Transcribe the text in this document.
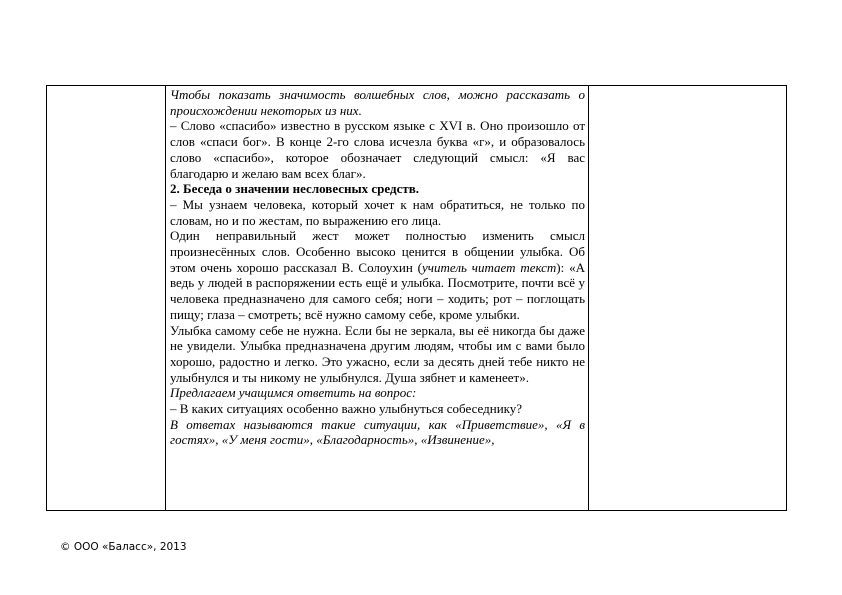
Чтобы показать значимость волшебных слов, можно рассказать о происхождении некоторых из них.

– Слово «спасибо» известно в русском языке с XVI в. Оно произошло от слов «спаси бог». В конце 2-го слова исчезла буква «г», и образовалось слово «спасибо», которое обозначает следующий смысл: «Я вас благодарю и желаю вам всех благ».

2. Беседа о значении несловесных средств.

– Мы узнаем человека, который хочет к нам обратиться, не только по словам, но и по жестам, по выражению его лица.

Один неправильный жест может полностью изменить смысл произнесённых слов. Особенно высоко ценится в общении улыбка. Об этом очень хорошо рассказал В. Солоухин (учитель читает текст): «А ведь у людей в распоряжении есть ещё и улыбка. Посмотрите, почти всё у человека предназначено для самого себя; ноги – ходить; рот – поглощать пищу; глаза – смотреть; всё нужно самому себе, кроме улыбки.

Улыбка самому себе не нужна. Если бы не зеркала, вы её никогда бы даже не увидели. Улыбка предназначена другим людям, чтобы им с вами было хорошо, радостно и легко. Это ужасно, если за десять дней тебе никто не улыбнулся и ты никому не улыбнулся. Душа зябнет и каменеет».

Предлагаем учащимся ответить на вопрос:

– В каких ситуациях особенно важно улыбнуться собеседнику?

В ответах называются такие ситуации, как «Приветствие», «Я в гостях», «У меня гости», «Благодарность», «Извинение»,

© ООО «Баласс», 2013
